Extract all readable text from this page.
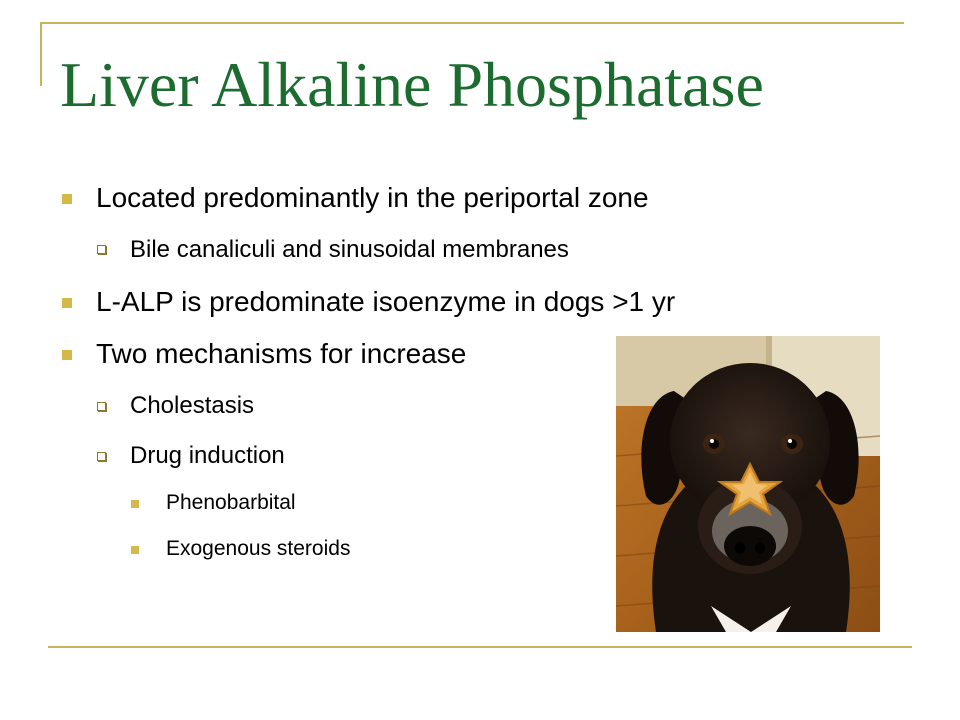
Liver Alkaline Phosphatase
Located predominantly in the periportal zone
Bile canaliculi and sinusoidal membranes
L-ALP is predominate isoenzyme in dogs >1 yr
Two mechanisms for increase
Cholestasis
Drug induction
Phenobarbital
Exogenous steroids
